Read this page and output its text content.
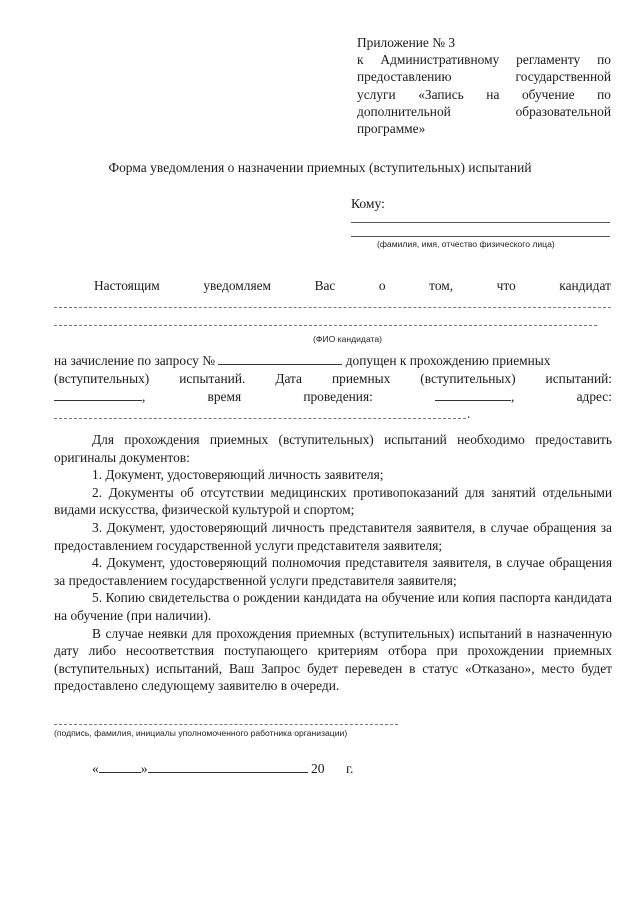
Приложение № 3
к Административному регламенту по
предоставлению государственной
услуги «Запись на обучение по
дополнительной образовательной
программе»
Форма уведомления о назначении приемных (вступительных) испытаний
Кому:
(фамилия, имя, отчество физического лица)
Настоящим	уведомляем	Вас	о	том,	что	кандидат
(ФИО кандидата)
на зачисление по запросу №	допущен к прохождению приемных
(вступительных) испытаний. Дата приемных (вступительных) испытаний:
,	время	проведения:	,	адрес:
.

Для прохождения приемных (вступительных) испытаний необходимо предоставить оригиналы документов:

1. Документ, удостоверяющий личность заявителя;

2. Документы об отсутствии медицинских противопоказаний для занятий отдельными видами искусства, физической культурой и спортом;

3. Документ, удостоверяющий личность представителя заявителя, в случае обращения за предоставлением государственной услуги представителя заявителя;

4. Документ, удостоверяющий полномочия представителя заявителя, в случае обращения за предоставлением государственной услуги представителя заявителя;

5. Копию свидетельства о рождении кандидата на обучение или копия паспорта кандидата на обучение (при наличии).

В случае неявки для прохождения приемных (вступительных) испытаний в назначенную дату либо несоответствия поступающего критериям отбора при прохождении приемных (вступительных) испытаний, Ваш Запрос будет переведен в статус «Отказано», место будет предоставлено следующему заявителю в очереди.

(подпись, фамилия, инициалы уполномоченного работника организации)
«	»	20 г.
